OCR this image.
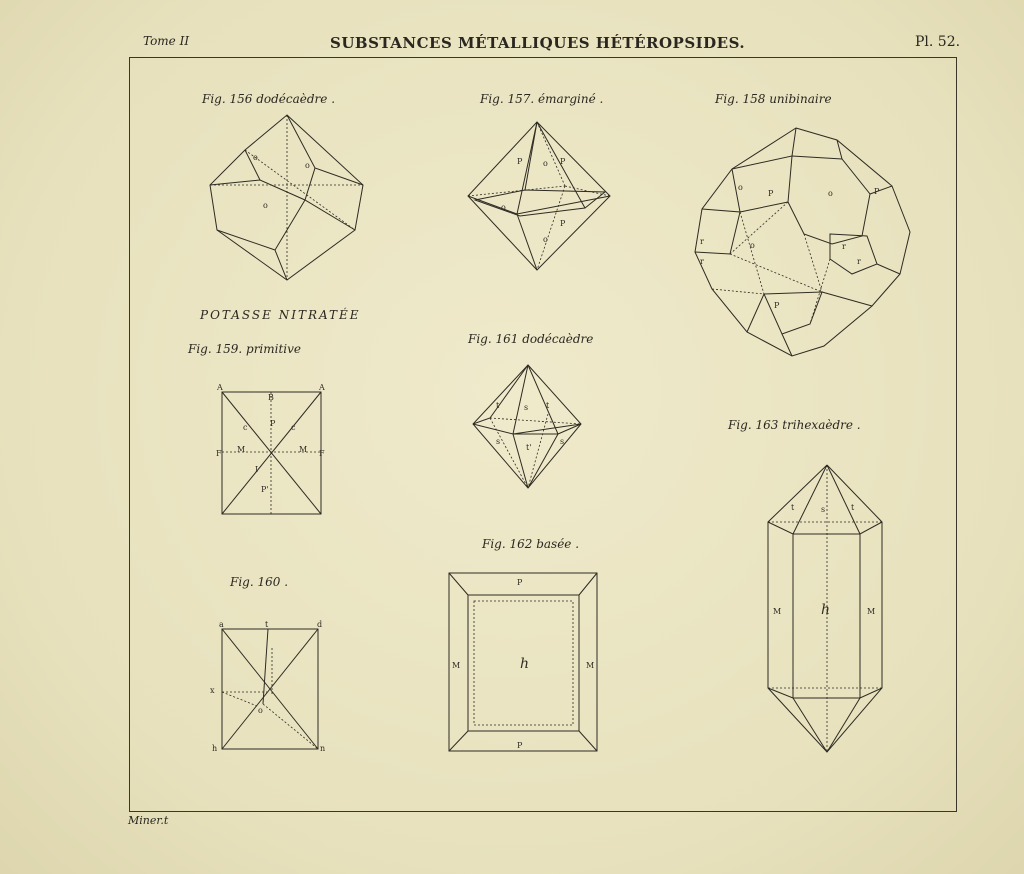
Tome II	SUBSTANCES MÉTALLIQUES HÉTÉROPSIDES.	Pl. 52.
Fig. 156 dodécaèdre .	Fig. 157. émarginé .	Fig. 158 unibinaire
POTASSE NITRATÉE
Fig. 159. primitive
Fig. 160 .
Fig. 161 dodécaèdre
Fig. 162 basée .
Fig. 163 trihexaèdre .
o
o
o
P	o P
o
P
o
o
P	o	P
r
r
o	r
r
P
A
B
A
c	P c
F M	M F
I
P'
a	t	d
x
o
h	n
t	s t
s
t'
s
P
M	h	M
P
t	s	t
M	h	M
Miner.t
